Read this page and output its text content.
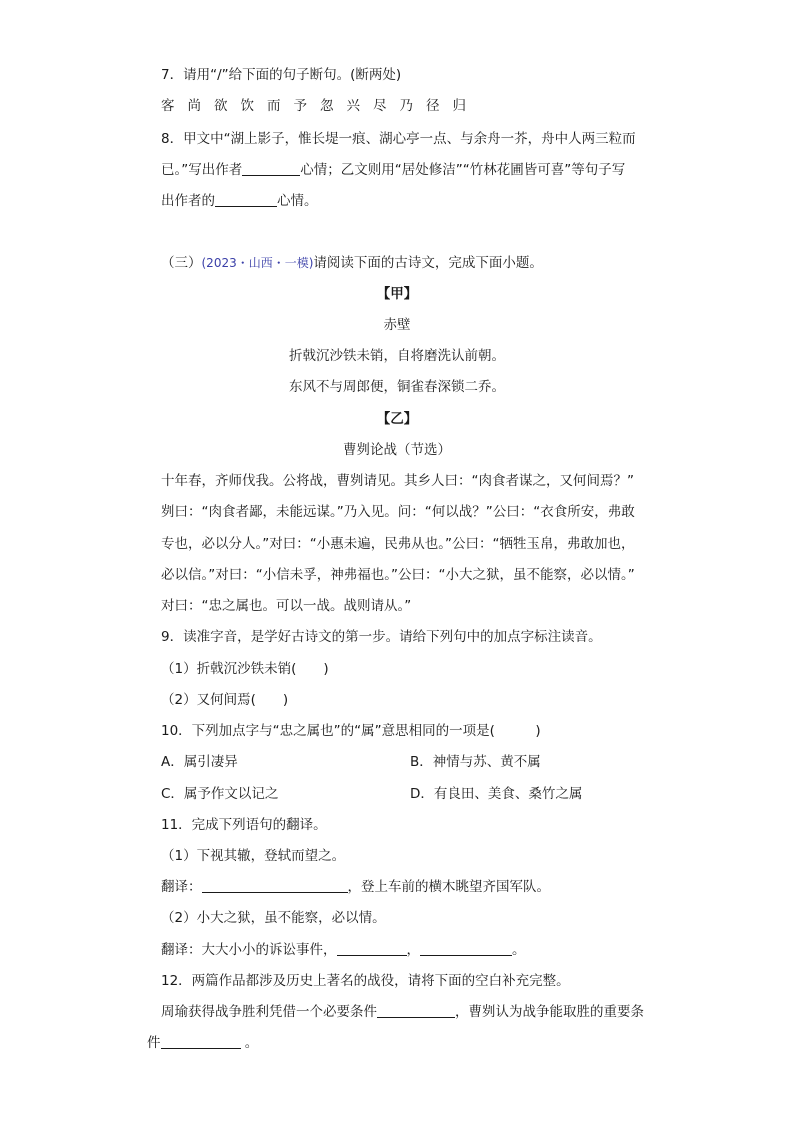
7．请用“/”给下面的句子断句。(断两处)
客尚欲饮而予忽兴尽乃径归
8．甲文中“湖上影子，惟长堤一痕、湖心亭一点、与余舟一芥，舟中人两三粒而
已。”写出作者	心情；乙文则用“居处修洁”“竹林花圃皆可喜”等句子写
出作者的	心情。
（三）(2023・山西・一模)请阅读下面的古诗文，完成下面小题。
【甲】
赤壁
折戟沉沙铁未销，自将磨洗认前朝。
东风不与周郎便，铜雀春深锁二乔。
【乙】
曹刿论战（节选）
十年春，齐师伐我。公将战，曹刿请见。其乡人曰：“肉食者谋之，又何间焉？”
刿曰：“肉食者鄙，未能远谋。”乃入见。问：“何以战？”公曰：“衣食所安，弗敢
专也，必以分人。”对曰：“小惠未遍，民弗从也。”公曰：“牺牲玉帛，弗敢加也，
必以信。”对曰：“小信未孚，神弗福也。”公曰：“小大之狱，虽不能察，必以情。”
对曰：“忠之属也。可以一战。战则请从。”
9．读准字音，是学好古诗文的第一步。请给下列句中的加点字标注读音。
（1）折戟沉沙铁未销(　　)
（2）又何间焉(　　)
10．下列加点字与“忠之属也”的“属”意思相同的一项是(　　　)
A．属引凄异	B．神情与苏、黄不属
C．属予作文以记之	D．有良田、美食、桑竹之属
11．完成下列语句的翻译。
（1）下视其辙，登轼而望之。
翻译：	，登上车前的横木眺望齐国军队。
（2）小大之狱，虽不能察，必以情。
翻译：大大小小的诉讼事件，	，	。
12．两篇作品都涉及历史上著名的战役，请将下面的空白补充完整。
周瑜获得战争胜利凭借一个必要条件	，曹刿认为战争能取胜的重要条
件	。
